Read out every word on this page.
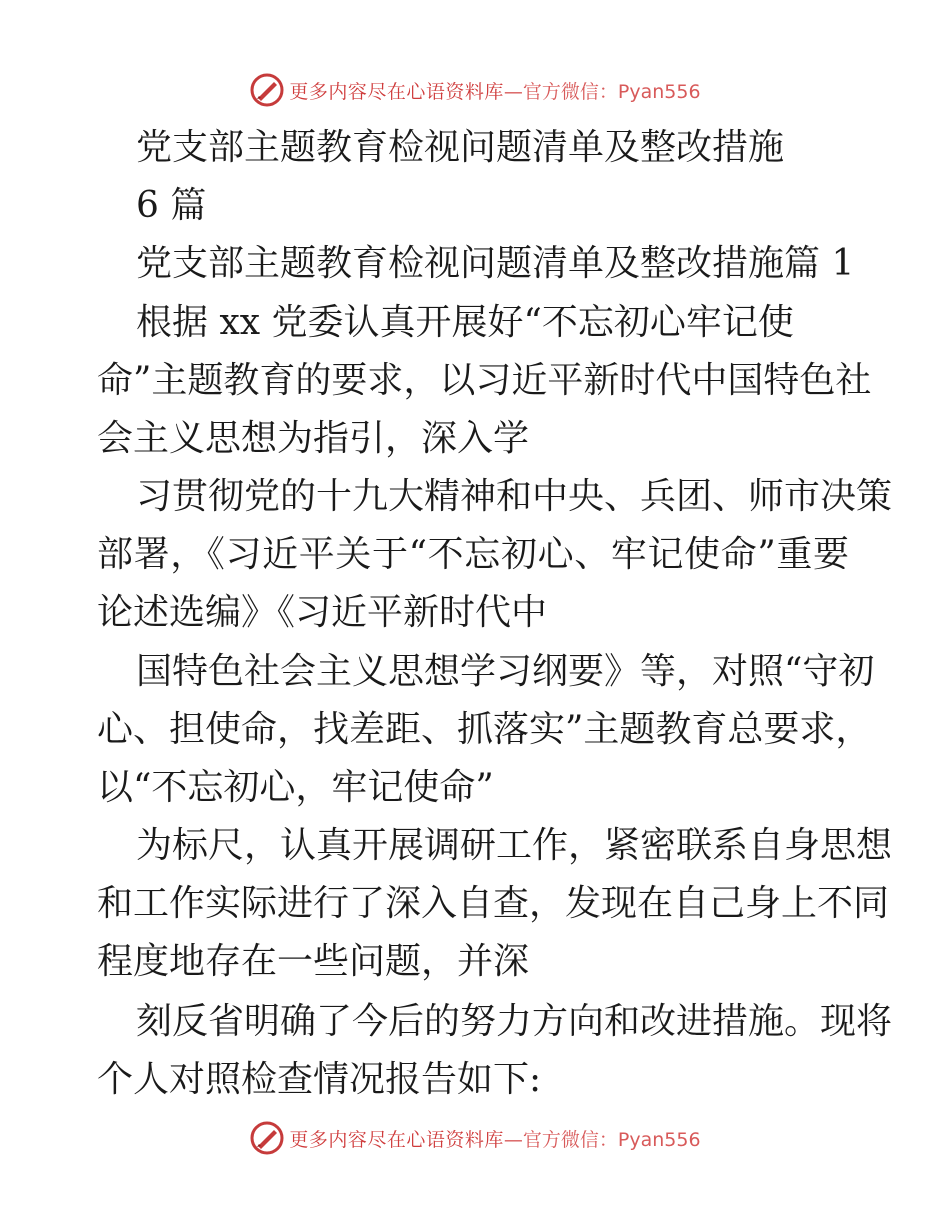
更多内容尽在心语资料库 —官方微信：Pyan556

党支部主题教育检视问题清单及整改措施

6 篇

党支部主题教育检视问题清单及整改措施篇 1

根据 xx 党委认真开展好“不忘初心牢记使

命”主题教育的要求，以习近平新时代中国特色社

会主义思想为指引，深入学

习贯彻党的十九大精神和中央、兵团、师市决策

部署，《习近平关于“不忘初心、牢记使命”重要

论述选编》《习近平新时代中

国特色社会主义思想学习纲要》等，对照“守初

心、担使命，找差距、抓落实”主题教育总要求，

以“不忘初心，牢记使命”

为标尺，认真开展调研工作，紧密联系自身思想

和工作实际进行了深入自查，发现在自己身上不同

程度地存在一些问题，并深

刻反省明确了今后的努力方向和改进措施。现将

个人对照检查情况报告如下:

更多内容尽在心语资料库 —官方微信：Pyan556
